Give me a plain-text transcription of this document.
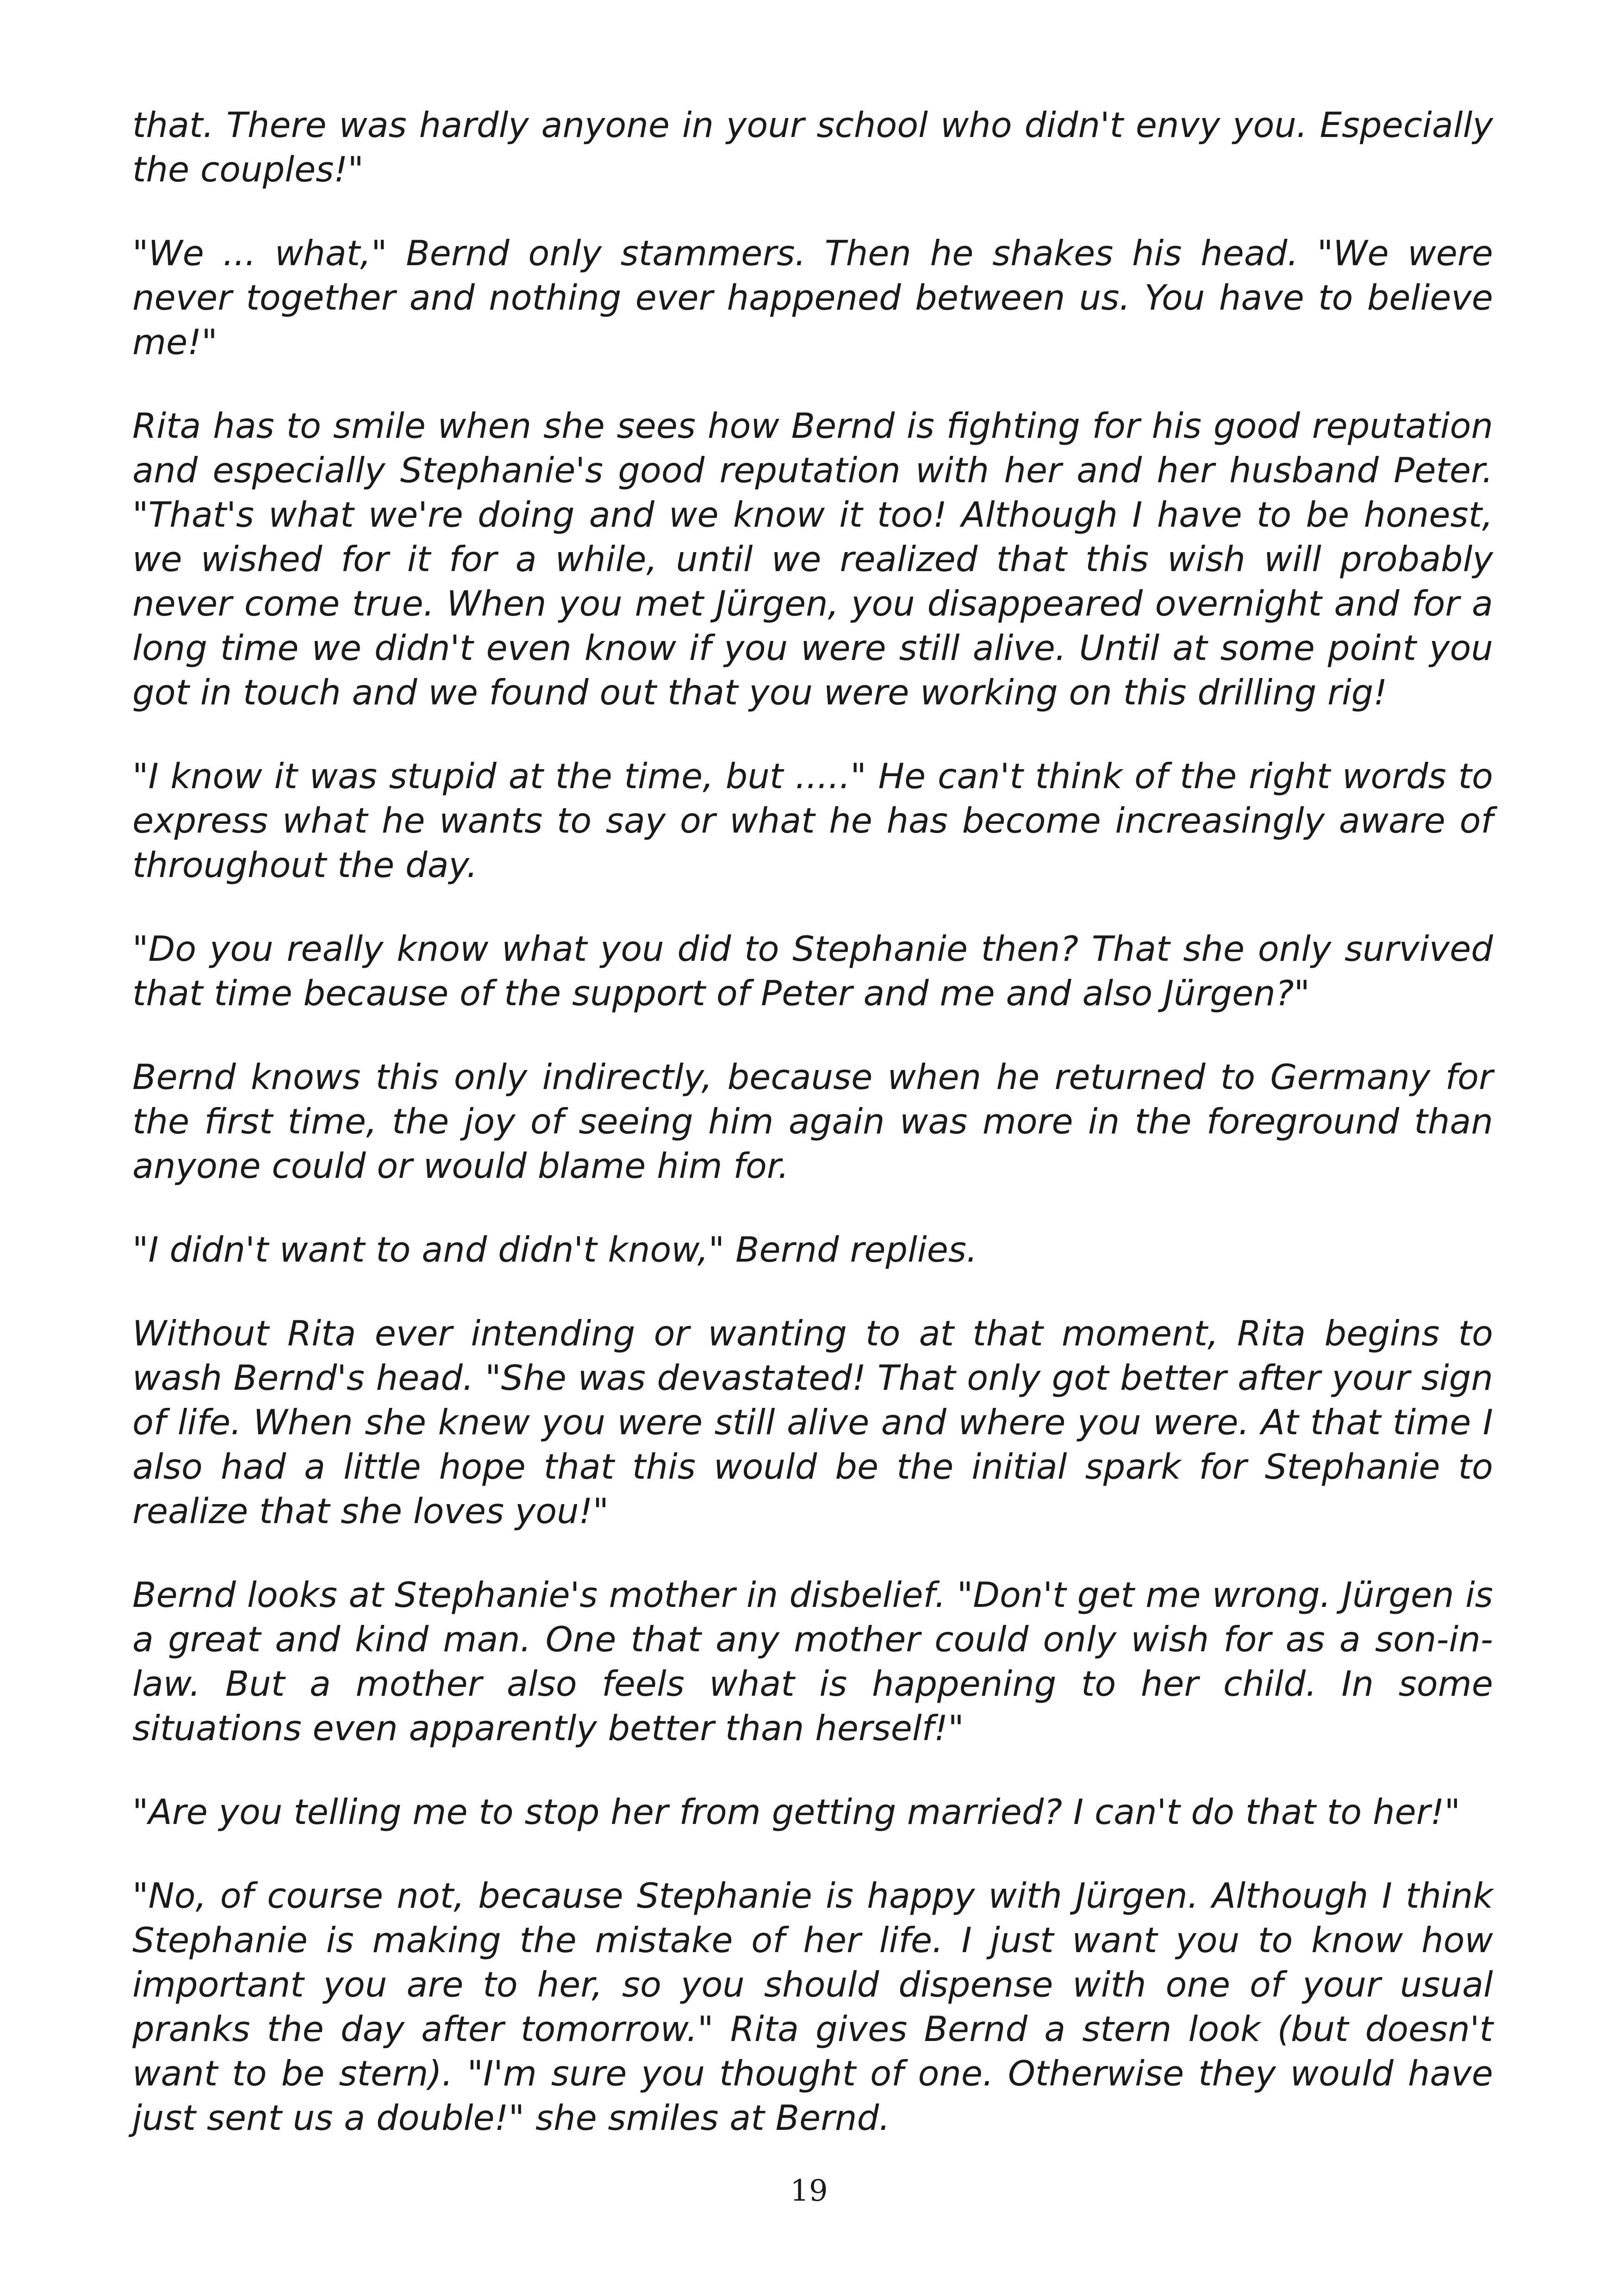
that. There was hardly anyone in your school who didn't envy you. Especially the couples!"

"We ... what," Bernd only stammers. Then he shakes his head. "We were never together and nothing ever happened between us. You have to believe me!"

Rita has to smile when she sees how Bernd is fighting for his good reputation and especially Stephanie's good reputation with her and her husband Peter. "That's what we're doing and we know it too! Although I have to be honest, we wished for it for a while, until we realized that this wish will probably never come true. When you met Jürgen, you disappeared overnight and for a long time we didn't even know if you were still alive. Until at some point you got in touch and we found out that you were working on this drilling rig!

"I know it was stupid at the time, but ....." He can't think of the right words to express what he wants to say or what he has become increasingly aware of throughout the day.

"Do you really know what you did to Stephanie then? That she only survived that time because of the support of Peter and me and also Jürgen?"

Bernd knows this only indirectly, because when he returned to Germany for the first time, the joy of seeing him again was more in the foreground than anyone could or would blame him for.

"I didn't want to and didn't know," Bernd replies.

Without Rita ever intending or wanting to at that moment, Rita begins to wash Bernd's head. "She was devastated! That only got better after your sign of life. When she knew you were still alive and where you were. At that time I also had a little hope that this would be the initial spark for Stephanie to realize that she loves you!"

Bernd looks at Stephanie's mother in disbelief. "Don't get me wrong. Jürgen is a great and kind man. One that any mother could only wish for as a son-in-law. But a mother also feels what is happening to her child. In some situations even apparently better than herself!"

"Are you telling me to stop her from getting married? I can't do that to her!"

"No, of course not, because Stephanie is happy with Jürgen. Although I think Stephanie is making the mistake of her life. I just want you to know how important you are to her, so you should dispense with one of your usual pranks the day after tomorrow." Rita gives Bernd a stern look (but doesn't want to be stern). "I'm sure you thought of one. Otherwise they would have just sent us a double!" she smiles at Bernd.

19
